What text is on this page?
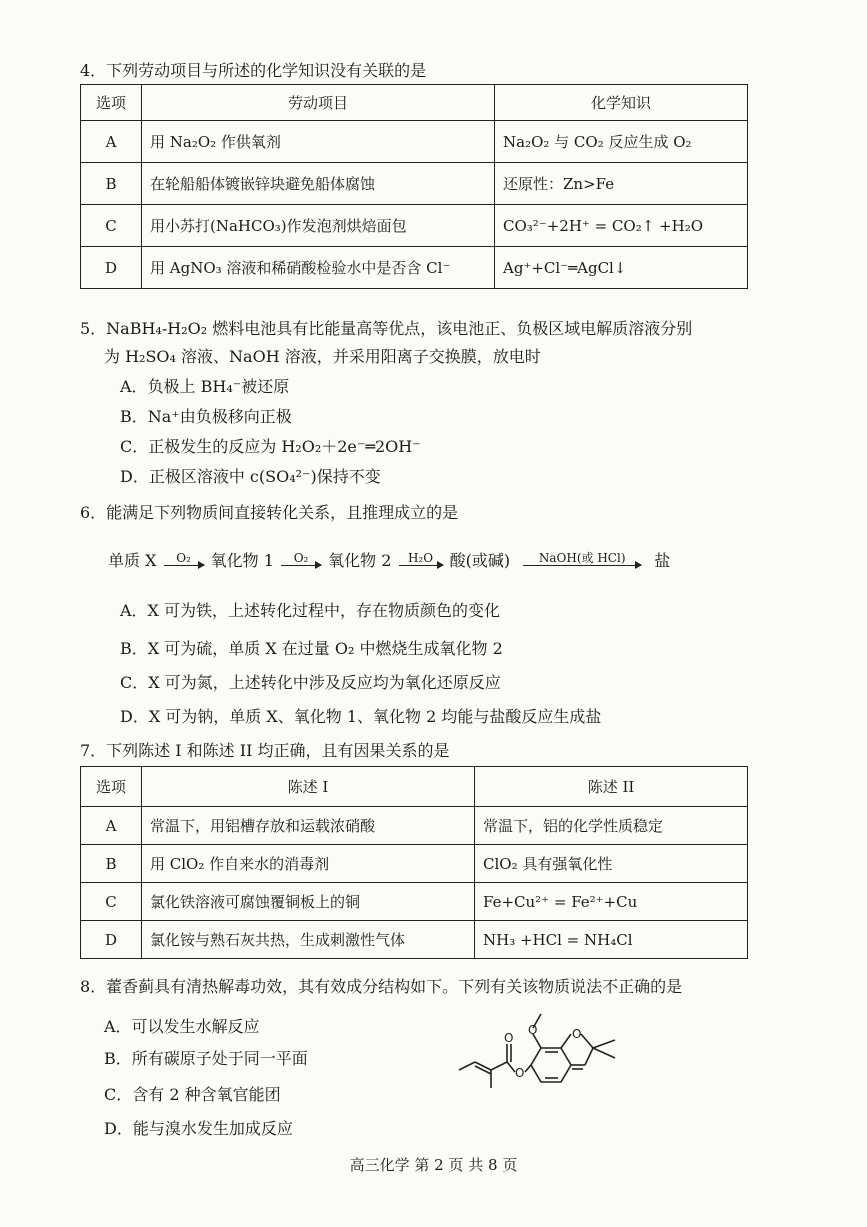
4．下列劳动项目与所述的化学知识没有关联的是
选项	劳动项目	化学知识
A	用 Na₂O₂ 作供氧剂	Na₂O₂ 与 CO₂ 反应生成 O₂
B	在轮船船体镀嵌锌块避免船体腐蚀	还原性：Zn>Fe
C	用小苏打(NaHCO₃)作发泡剂烘焙面包	CO₃²⁻+2H⁺ = CO₂↑ +H₂O
D	用 AgNO₃ 溶液和稀硝酸检验水中是否含 Cl⁻	Ag⁺+Cl⁻═AgCl↓
5．NaBH₄-H₂O₂ 燃料电池具有比能量高等优点，该电池正、负极区域电解质溶液分别
为 H₂SO₄ 溶液、NaOH 溶液，并采用阳离子交换膜，放电时
A．负极上 BH₄⁻被还原
B．Na⁺由负极移向正极
C．正极发生的反应为 H₂O₂＋2e⁻═2OH⁻
D．正极区溶液中 c(SO₄²⁻)保持不变
6．能满足下列物质间直接转化关系，且推理成立的是
单质 X	O₂	氧化物 1	O₂	氧化物 2	H₂O	酸(或碱)	NaOH(或 HCl)	盐
A．X 可为铁，上述转化过程中，存在物质颜色的变化
B．X 可为硫，单质 X 在过量 O₂ 中燃烧生成氧化物 2
C．X 可为氮，上述转化中涉及反应均为氧化还原反应
D．X 可为钠，单质 X、氧化物 1、氧化物 2 均能与盐酸反应生成盐
7．下列陈述 I 和陈述 II 均正确，且有因果关系的是
选项	陈述 I	陈述 II
A	常温下，用铝槽存放和运载浓硝酸	常温下，铝的化学性质稳定
B	用 ClO₂ 作自来水的消毒剂	ClO₂ 具有强氧化性
C	氯化铁溶液可腐蚀覆铜板上的铜	Fe+Cu²⁺ = Fe²⁺+Cu
D	氯化铵与熟石灰共热，生成刺激性气体	NH₃ +HCl = NH₄Cl
8．藿香蓟具有清热解毒功效，其有效成分结构如下。下列有关该物质说法不正确的是
A．可以发生水解反应
B．所有碳原子处于同一平面
C．含有 2 种含氧官能团
D．能与溴水发生加成反应
O	O
O
O
高三化学 第 2 页 共 8 页
